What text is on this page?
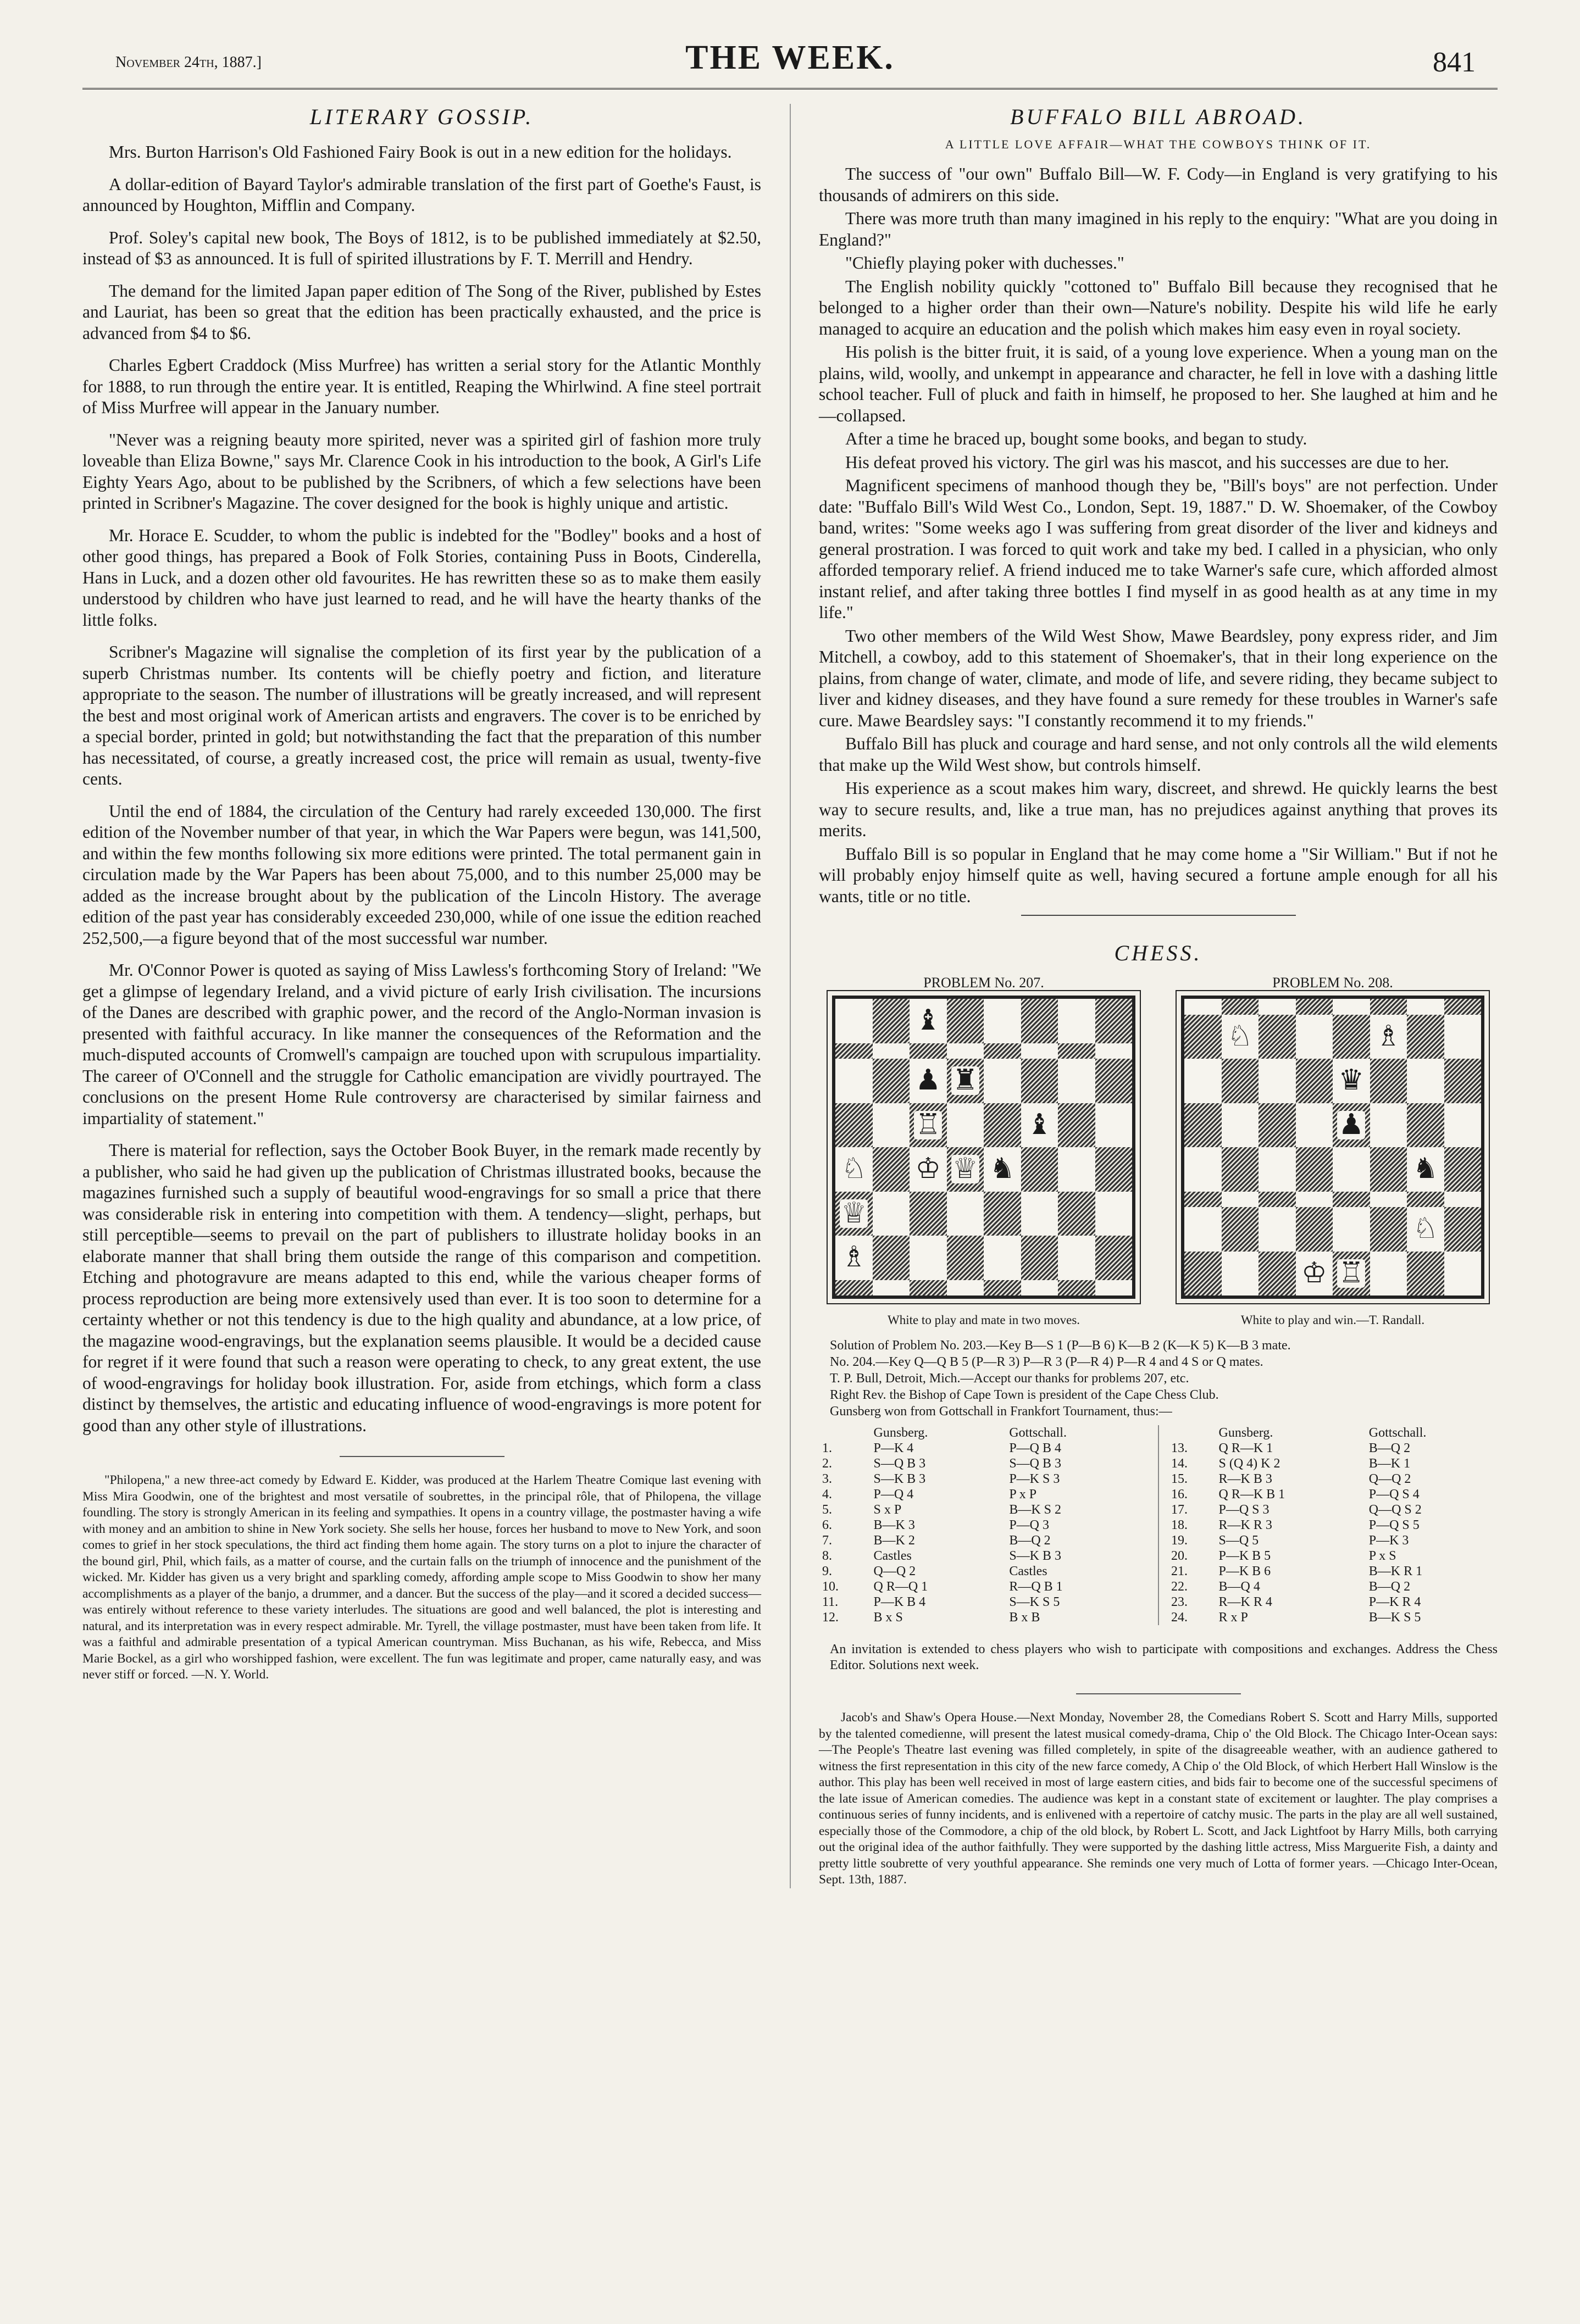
November 24th, 1887.]	THE WEEK.	841
LITERARY GOSSIP.

Mrs. Burton Harrison's Old Fashioned Fairy Book is out in a new edition for the holidays.

A dollar-edition of Bayard Taylor's admirable translation of the first part of Goethe's Faust, is announced by Houghton, Mifflin and Company.

Prof. Soley's capital new book, The Boys of 1812, is to be published immediately at $2.50, instead of $3 as announced. It is full of spirited illustrations by F. T. Merrill and Hendry.

The demand for the limited Japan paper edition of The Song of the River, published by Estes and Lauriat, has been so great that the edition has been practically exhausted, and the price is advanced from $4 to $6.

Charles Egbert Craddock (Miss Murfree) has written a serial story for the Atlantic Monthly for 1888, to run through the entire year. It is entitled, Reaping the Whirlwind. A fine steel portrait of Miss Murfree will appear in the January number.

"Never was a reigning beauty more spirited, never was a spirited girl of fashion more truly loveable than Eliza Bowne," says Mr. Clarence Cook in his introduction to the book, A Girl's Life Eighty Years Ago, about to be published by the Scribners, of which a few selections have been printed in Scribner's Magazine. The cover designed for the book is highly unique and artistic.

Mr. Horace E. Scudder, to whom the public is indebted for the "Bodley" books and a host of other good things, has prepared a Book of Folk Stories, containing Puss in Boots, Cinderella, Hans in Luck, and a dozen other old favourites. He has rewritten these so as to make them easily understood by children who have just learned to read, and he will have the hearty thanks of the little folks.

Scribner's Magazine will signalise the completion of its first year by the publication of a superb Christmas number. Its contents will be chiefly poetry and fiction, and literature appropriate to the season. The number of illustrations will be greatly increased, and will represent the best and most original work of American artists and engravers. The cover is to be enriched by a special border, printed in gold; but notwithstanding the fact that the preparation of this number has necessitated, of course, a greatly increased cost, the price will remain as usual, twenty-five cents.

Until the end of 1884, the circulation of the Century had rarely exceeded 130,000. The first edition of the November number of that year, in which the War Papers were begun, was 141,500, and within the few months following six more editions were printed. The total permanent gain in circulation made by the War Papers has been about 75,000, and to this number 25,000 may be added as the increase brought about by the publication of the Lincoln History. The average edition of the past year has considerably exceeded 230,000, while of one issue the edition reached 252,500,—a figure beyond that of the most successful war number.

Mr. O'Connor Power is quoted as saying of Miss Lawless's forthcoming Story of Ireland: "We get a glimpse of legendary Ireland, and a vivid picture of early Irish civilisation. The incursions of the Danes are described with graphic power, and the record of the Anglo-Norman invasion is presented with faithful accuracy. In like manner the consequences of the Reformation and the much-disputed accounts of Cromwell's campaign are touched upon with scrupulous impartiality. The career of O'Connell and the struggle for Catholic emancipation are vividly pourtrayed. The conclusions on the present Home Rule controversy are characterised by similar fairness and impartiality of statement."

There is material for reflection, says the October Book Buyer, in the remark made recently by a publisher, who said he had given up the publication of Christmas illustrated books, because the magazines furnished such a supply of beautiful wood-engravings for so small a price that there was considerable risk in entering into competition with them. A tendency—slight, perhaps, but still perceptible—seems to prevail on the part of publishers to illustrate holiday books in an elaborate manner that shall bring them outside the range of this comparison and competition. Etching and photogravure are means adapted to this end, while the various cheaper forms of process reproduction are being more extensively used than ever. It is too soon to determine for a certainty whether or not this tendency is due to the high quality and abundance, at a low price, of the magazine wood-engravings, but the explanation seems plausible. It would be a decided cause for regret if it were found that such a reason were operating to check, to any great extent, the use of wood-engravings for holiday book illustration. For, aside from etchings, which form a class distinct by themselves, the artistic and educating influence of wood-engravings is more potent for good than any other style of illustrations.

"Philopena," a new three-act comedy by Edward E. Kidder, was produced at the Harlem Theatre Comique last evening with Miss Mira Goodwin, one of the brightest and most versatile of soubrettes, in the principal rôle, that of Philopena, the village foundling. The story is strongly American in its feeling and sympathies. It opens in a country village, the postmaster having a wife with money and an ambition to shine in New York society. She sells her house, forces her husband to move to New York, and soon comes to grief in her stock speculations, the third act finding them home again. The story turns on a plot to injure the character of the bound girl, Phil, which fails, as a matter of course, and the curtain falls on the triumph of innocence and the punishment of the wicked. Mr. Kidder has given us a very bright and sparkling comedy, affording ample scope to Miss Goodwin to show her many accomplishments as a player of the banjo, a drummer, and a dancer. But the success of the play—and it scored a decided success—was entirely without reference to these variety interludes. The situations are good and well balanced, the plot is interesting and natural, and its interpretation was in every respect admirable. Mr. Tyrell, the village postmaster, must have been taken from life. It was a faithful and admirable presentation of a typical American countryman. Miss Buchanan, as his wife, Rebecca, and Miss Marie Bockel, as a girl who worshipped fashion, were excellent. The fun was legitimate and proper, came naturally easy, and was never stiff or forced. —N. Y. World.

BUFFALO BILL ABROAD.
A LITTLE LOVE AFFAIR—WHAT THE COWBOYS THINK OF IT.

The success of "our own" Buffalo Bill—W. F. Cody—in England is very gratifying to his thousands of admirers on this side.

There was more truth than many imagined in his reply to the enquiry: "What are you doing in England?"

"Chiefly playing poker with duchesses."

The English nobility quickly "cottoned to" Buffalo Bill because they recognised that he belonged to a higher order than their own—Nature's nobility. Despite his wild life he early managed to acquire an education and the polish which makes him easy even in royal society.

His polish is the bitter fruit, it is said, of a young love experience. When a young man on the plains, wild, woolly, and unkempt in appearance and character, he fell in love with a dashing little school teacher. Full of pluck and faith in himself, he proposed to her. She laughed at him and he—collapsed.

After a time he braced up, bought some books, and began to study.

His defeat proved his victory. The girl was his mascot, and his successes are due to her.

Magnificent specimens of manhood though they be, "Bill's boys" are not perfection. Under date: "Buffalo Bill's Wild West Co., London, Sept. 19, 1887." D. W. Shoemaker, of the Cowboy band, writes: "Some weeks ago I was suffering from great disorder of the liver and kidneys and general prostration. I was forced to quit work and take my bed. I called in a physician, who only afforded temporary relief. A friend induced me to take Warner's safe cure, which afforded almost instant relief, and after taking three bottles I find myself in as good health as at any time in my life."

Two other members of the Wild West Show, Mawe Beardsley, pony express rider, and Jim Mitchell, a cowboy, add to this statement of Shoemaker's, that in their long experience on the plains, from change of water, climate, and mode of life, and severe riding, they became subject to liver and kidney diseases, and they have found a sure remedy for these troubles in Warner's safe cure. Mawe Beardsley says: "I constantly recommend it to my friends."

Buffalo Bill has pluck and courage and hard sense, and not only controls all the wild elements that make up the Wild West show, but controls himself.

His experience as a scout makes him wary, discreet, and shrewd. He quickly learns the best way to secure results, and, like a true man, has no prejudices against anything that proves its merits.

Buffalo Bill is so popular in England that he may come home a "Sir William." But if not he will probably enjoy himself quite as well, having secured a fortune ample enough for all his wants, title or no title.

CHESS.
PROBLEM No. 207.
♝
♟ ♜
♖	♝
♘ ♔ ♕ ♞
♕
♗
White to play and mate in two moves.
PROBLEM No. 208.
♘	♗
♛
♟
♞
♘
♔ ♖
White to play and win.—T. Randall.
Solution of Problem No. 203.—Key B—S 1 (P—B 6) K—B 2 (K—K 5) K—B 3 mate.
No. 204.—Key Q—Q B 5 (P—R 3) P—R 3 (P—R 4) P—R 4 and 4 S or Q mates.
T. P. Bull, Detroit, Mich.—Accept our thanks for problems 207, etc.
Right Rev. the Bishop of Cape Town is president of the Cape Chess Club.
Gunsberg won from Gottschall in Frankfort Tournament, thus:—
	Gunsberg.	Gottschall.
1.	P—K 4	P—Q B 4
2.	S—Q B 3	S—Q B 3
3.	S—K B 3	P—K S 3
4.	P—Q 4	P x P
5.	S x P	B—K S 2
6.	B—K 3	P—Q 3
7.	B—K 2	B—Q 2
8.	Castles	S—K B 3
9.	Q—Q 2	Castles
10.	Q R—Q 1	R—Q B 1
11.	P—K B 4	S—K S 5
12.	B x S	B x B
	Gunsberg.	Gottschall.
13.	Q R—K 1	B—Q 2
14.	S (Q 4) K 2	B—K 1
15.	R—K B 3	Q—Q 2
16.	Q R—K B 1	P—Q S 4
17.	P—Q S 3	Q—Q S 2
18.	R—K R 3	P—Q S 5
19.	S—Q 5	P—K 3
20.	P—K B 5	P x S
21.	P—K B 6	B—K R 1
22.	B—Q 4	B—Q 2
23.	R—K R 4	P—K R 4
24.	R x P	B—K S 5
An invitation is extended to chess players who wish to participate with compositions and exchanges. Address the Chess Editor. Solutions next week.

Jacob's and Shaw's Opera House.—Next Monday, November 28, the Comedians Robert S. Scott and Harry Mills, supported by the talented comedienne, will present the latest musical comedy-drama, Chip o' the Old Block. The Chicago Inter-Ocean says:—The People's Theatre last evening was filled completely, in spite of the disagreeable weather, with an audience gathered to witness the first representation in this city of the new farce comedy, A Chip o' the Old Block, of which Herbert Hall Winslow is the author. This play has been well received in most of large eastern cities, and bids fair to become one of the successful specimens of the late issue of American comedies. The audience was kept in a constant state of excitement or laughter. The play comprises a continuous series of funny incidents, and is enlivened with a repertoire of catchy music. The parts in the play are all well sustained, especially those of the Commodore, a chip of the old block, by Robert L. Scott, and Jack Lightfoot by Harry Mills, both carrying out the original idea of the author faithfully. They were supported by the dashing little actress, Miss Marguerite Fish, a dainty and pretty little soubrette of very youthful appearance. She reminds one very much of Lotta of former years. —Chicago Inter-Ocean, Sept. 13th, 1887.
